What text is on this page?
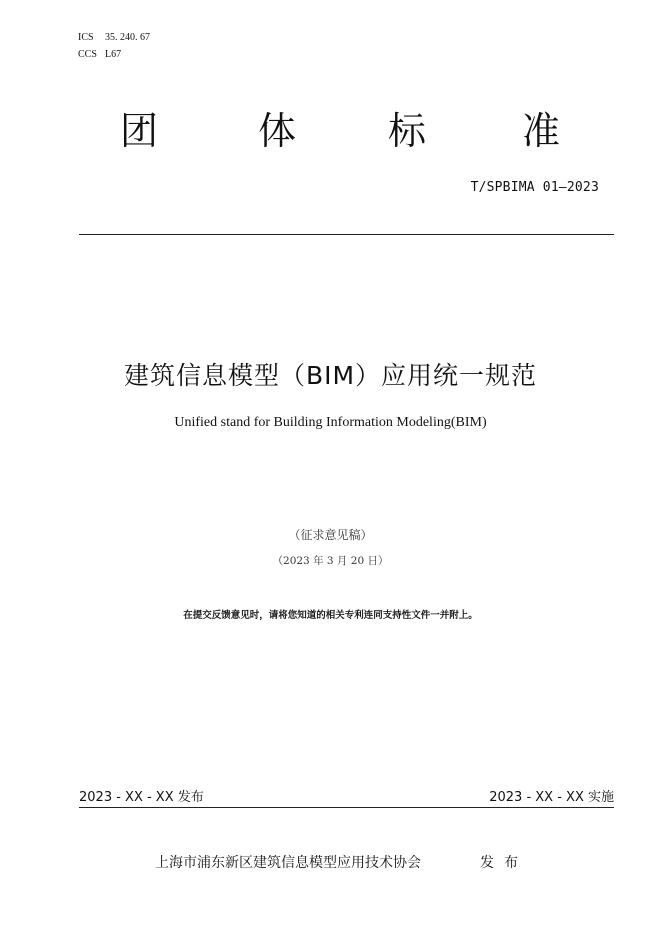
ICS 35. 240. 67
CCS L67
团	体 标	准
T/SPBIMA 01—2023
建筑信息模型（BIM）应用统一规范
Unified stand for Building Information Modeling(BIM)
（征求意见稿）
（2023 年 3 月 20 日）
在提交反馈意见时，请将您知道的相关专利连同支持性文件一并附上。
2023 - XX - XX 发布	2023 - XX - XX 实施
上海市浦东新区建筑信息模型应用技术协会	发布
